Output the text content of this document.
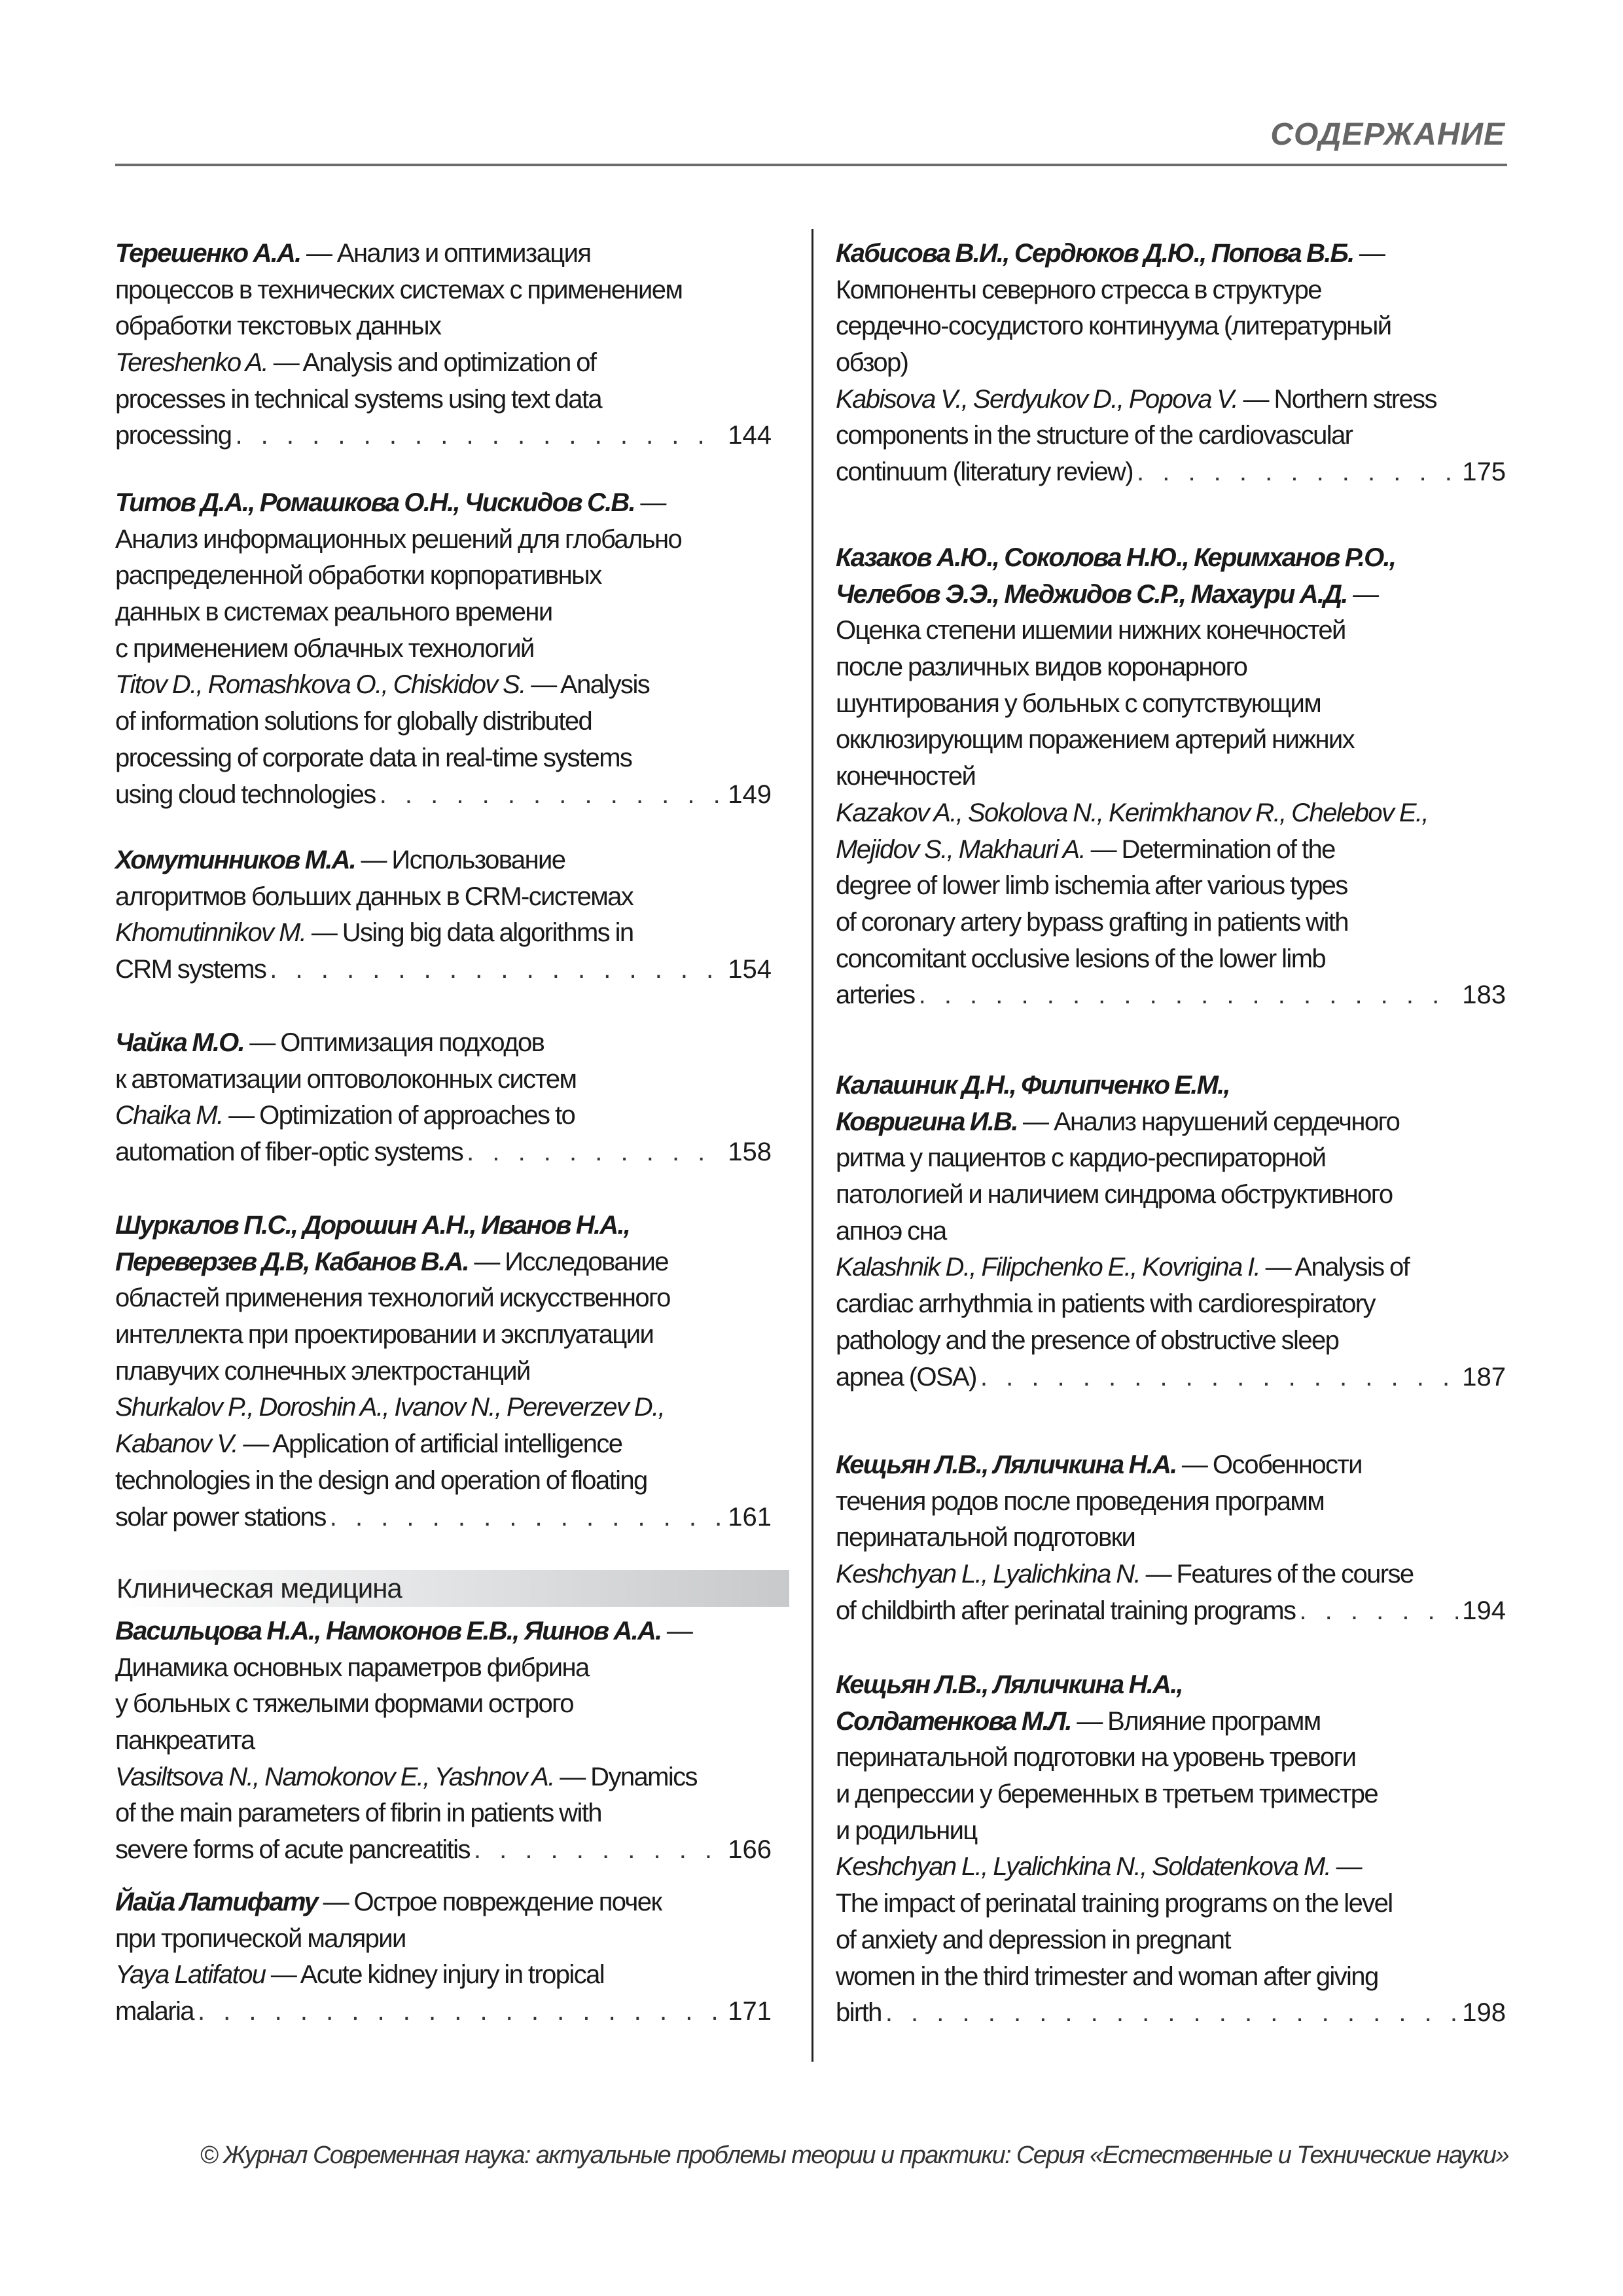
СОДЕРЖАНИЕ
Терешенко А.А. — Анализ и оптимизация
процессов в технических системах с применением
обработки текстовых данных
Tereshenko A. — Analysis and optimization of
processes in technical systems using text data
processing . . .	144
Титов Д.А., Ромашкова О.Н., Чискидов С.В. —
Анализ информационных решений для глобально
распределенной обработки корпоративных
данных в системах реального времени
с применением облачных технологий
Titov D., Romashkova O., Chiskidov S. — Analysis
of information solutions for globally distributed
processing of corporate data in real-time systems
using cloud technologies . . .	149
Хомутинников М.А. — Использование
алгоритмов больших данных в CRM-системах
Khomutinnikov M. — Using big data algorithms in
CRM systems . . .	154
Чайка М.О. — Оптимизация подходов
к автоматизации оптоволоконных систем
Chaika M. — Optimization of approaches to
automation of fiber-optic systems . . .	158
Шуркалов П.С., Дорошин А.Н., Иванов Н.А.,
Переверзев Д.В, Кабанов В.А. — Исследование
областей применения технологий искусственного
интеллекта при проектировании и эксплуатации
плавучих солнечных электростанций
Shurkalov P., Doroshin A., Ivanov N., Pereverzev D.,
Kabanov V. — Application of artificial intelligence
technologies in the design and operation of floating
solar power stations . . .	161
Клиническая медицина
Васильцова Н.А., Намоконов Е.В., Яшнов А.А. —
Динамика основных параметров фибрина
у больных с тяжелыми формами острого
панкреатита
Vasiltsova N., Namokonov E., Yashnov A. — Dynamics
of the main parameters of fibrin in patients with
severe forms of acute pancreatitis . . .	166
Йайа Латифату — Острое повреждение почек
при тропической малярии
Yaya Latifatou — Acute kidney injury in tropical
malaria . . .	171
Кабисова В.И., Сердюков Д.Ю., Попова В.Б. —
Компоненты северного стресса в структуре
сердечно-сосудистого континуума (литературный
обзор)
Kabisova V., Serdyukov D., Popova V. — Northern stress
components in the structure of the cardiovascular
continuum (literatury review) . . .	175
Казаков А.Ю., Соколова Н.Ю., Керимханов Р.О.,
Челебов Э.Э., Меджидов С.Р., Махаури А.Д. —
Оценка степени ишемии нижних конечностей
после различных видов коронарного
шунтирования у больных с сопутствующим
окклюзирующим поражением артерий нижних
конечностей
Kazakov A., Sokolova N., Kerimkhanov R., Chelebov E.,
Mejidov S., Makhauri A. — Determination of the
degree of lower limb ischemia after various types
of coronary artery bypass grafting in patients with
concomitant occlusive lesions of the lower limb
arteries . . .	183
Калашник Д.Н., Филипченко Е.М.,
Ковригина И.В. — Анализ нарушений сердечного
ритма у пациентов с кардио-респираторной
патологией и наличием синдрома обструктивного
апноэ сна
Kalashnik D., Filipchenko E., Kovrigina I. — Analysis of
cardiac arrhythmia in patients with cardiorespiratory
pathology and the presence of obstructive sleep
apnea (OSA) . . .	187
Кещьян Л.В., Ляличкина Н.А. — Особенности
течения родов после проведения программ
перинатальной подготовки
Keshchyan L., Lyalichkina N. — Features of the course
of childbirth after perinatal training programs . . .	194
Кещьян Л.В., Ляличкина Н.А.,
Солдатенкова М.Л. — Влияние программ
перинатальной подготовки на уровень тревоги
и депрессии у беременных в третьем триместре
и родильниц
Keshchyan L., Lyalichkina N., Soldatenkova M. —
The impact of perinatal training programs on the level
of anxiety and depression in pregnant
women in the third trimester and woman after giving
birth . . .	198
© Журнал Современная наука: актуальные проблемы теории и практики: Серия «Естественные и Технические науки»
